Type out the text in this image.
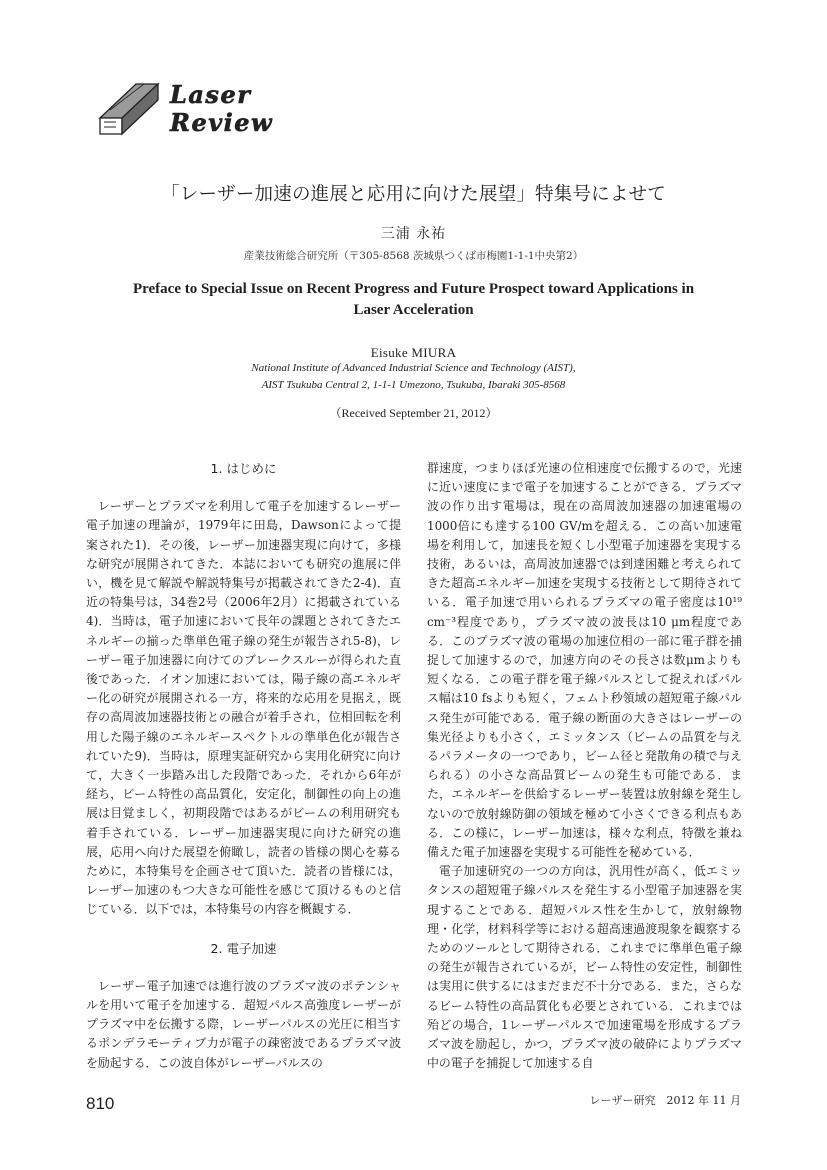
Laser
Review
「レーザー加速の進展と応用に向けた展望」特集号によせて
三浦 永祐
産業技術総合研究所（〒305-8568 茨城県つくば市梅園1-1-1中央第2）
Preface to Special Issue on Recent Progress and Future Prospect toward Applications in Laser Acceleration
Eisuke MIURA
National Institute of Advanced Industrial Science and Technology (AIST),
AIST Tsukuba Central 2, 1-1-1 Umezono, Tsukuba, Ibaraki 305-8568
（Received September 21, 2012）
1. はじめに

レーザーとプラズマを利用して電子を加速するレーザー電子加速の理論が，1979年に田島，Dawsonによって提案された1)．その後，レーザー加速器実現に向けて，多様な研究が展開されてきた．本誌においても研究の進展に伴い，機を見て解説や解説特集号が掲載されてきた2-4)．直近の特集号は，34巻2号（2006年2月）に掲載されている4)．当時は，電子加速において長年の課題とされてきたエネルギーの揃った準単色電子線の発生が報告され5-8)，レーザー電子加速器に向けてのブレークスルーが得られた直後であった．イオン加速においては，陽子線の高エネルギー化の研究が展開される一方，将来的な応用を見据え，既存の高周波加速器技術との融合が着手され，位相回転を利用した陽子線のエネルギースペクトルの準単色化が報告されていた9)．当時は，原理実証研究から実用化研究に向けて，大きく一歩踏み出した段階であった．それから6年が経ち，ビーム特性の高品質化，安定化，制御性の向上の進展は目覚ましく，初期段階ではあるがビームの利用研究も着手されている．レーザー加速器実現に向けた研究の進展，応用へ向けた展望を俯瞰し，読者の皆様の関心を募るために，本特集号を企画させて頂いた．読者の皆様には，レーザー加速のもつ大きな可能性を感じて頂けるものと信じている．以下では，本特集号の内容を概観する．

2. 電子加速

レーザー電子加速では進行波のプラズマ波のポテンシャルを用いて電子を加速する．超短パルス高強度レーザーがプラズマ中を伝搬する際，レーザーパルスの光圧に相当するポンデラモーティブ力が電子の疎密波であるプラズマ波を励起する．この波自体がレーザーパルスの

群速度，つまりほぼ光速の位相速度で伝搬するので，光速に近い速度にまで電子を加速することができる．プラズマ波の作り出す電場は，現在の高周波加速器の加速電場の1000倍にも達する100 GV/mを超える．この高い加速電場を利用して，加速長を短くし小型電子加速器を実現する技術，あるいは，高周波加速器では到達困難と考えられてきた超高エネルギー加速を実現する技術として期待されている．電子加速で用いられるプラズマの電子密度は10¹⁹ cm⁻³程度であり，プラズマ波の波長は10 μm程度である．このプラズマ波の電場の加速位相の一部に電子群を捕捉して加速するので，加速方向のその長さは数μmよりも短くなる．この電子群を電子線パルスとして捉えればパルス幅は10 fsよりも短く，フェムト秒領域の超短電子線パルス発生が可能である．電子線の断面の大きさはレーザーの集光径よりも小さく，エミッタンス（ビームの品質を与えるパラメータの一つであり，ビーム径と発散角の積で与えられる）の小さな高品質ビームの発生も可能である．また，エネルギーを供給するレーザー装置は放射線を発生しないので放射線防御の領域を極めて小さくできる利点もある．この様に，レーザー加速は，様々な利点，特徴を兼ね備えた電子加速器を実現する可能性を秘めている．

電子加速研究の一つの方向は，汎用性が高く，低エミッタンスの超短電子線パルスを発生する小型電子加速器を実現することである．超短パルス性を生かして，放射線物理・化学，材料科学等における超高速過渡現象を観察するためのツールとして期待される．これまでに準単色電子線の発生が報告されているが，ビーム特性の安定性，制御性は実用に供するにはまだまだ不十分である．また，さらなるビーム特性の高品質化も必要とされている．これまでは殆どの場合，1レーザーパルスで加速電場を形成するプラズマ波を励起し，かつ，プラズマ波の破砕によりプラズマ中の電子を捕捉して加速する自

810	レーザー研究　2012 年 11 月
